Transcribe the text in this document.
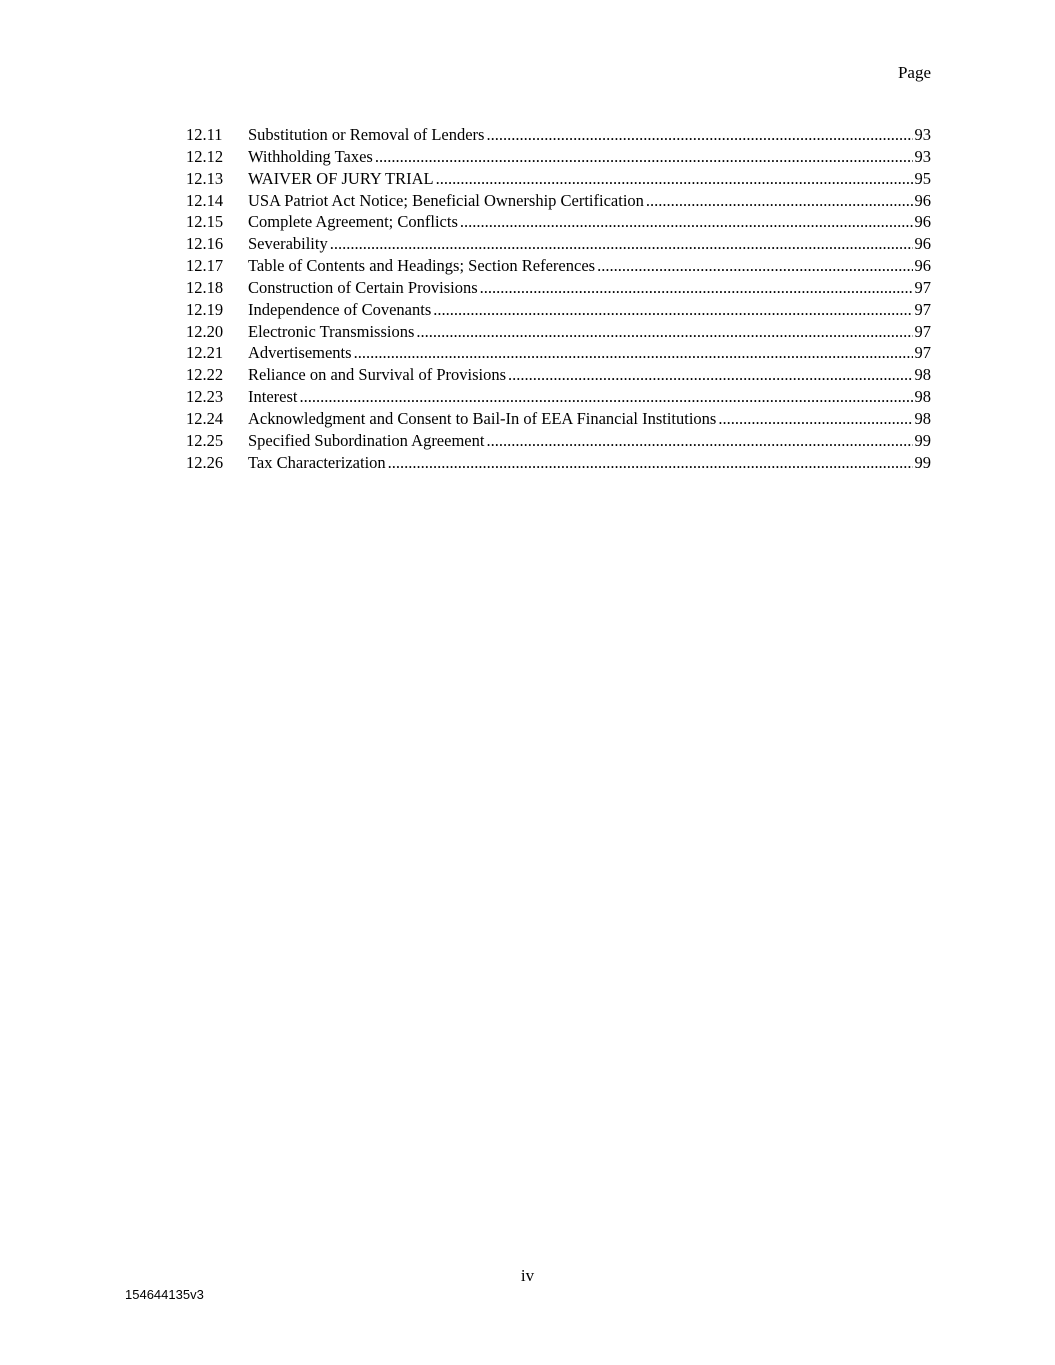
Page
12.11	Substitution or Removal of Lenders .....	93
12.12	Withholding Taxes .....	93
12.13	WAIVER OF JURY TRIAL .....	95
12.14	USA Patriot Act Notice; Beneficial Ownership Certification .....	96
12.15	Complete Agreement; Conflicts .....	96
12.16	Severability .....	96
12.17	Table of Contents and Headings; Section References .....	96
12.18	Construction of Certain Provisions .....	97
12.19	Independence of Covenants .....	97
12.20	Electronic Transmissions .....	97
12.21	Advertisements .....	97
12.22	Reliance on and Survival of Provisions .....	98
12.23	Interest .....	98
12.24	Acknowledgment and Consent to Bail-In of EEA Financial Institutions .....	98
12.25	Specified Subordination Agreement .....	99
12.26	Tax Characterization .....	99
iv
154644135v3
